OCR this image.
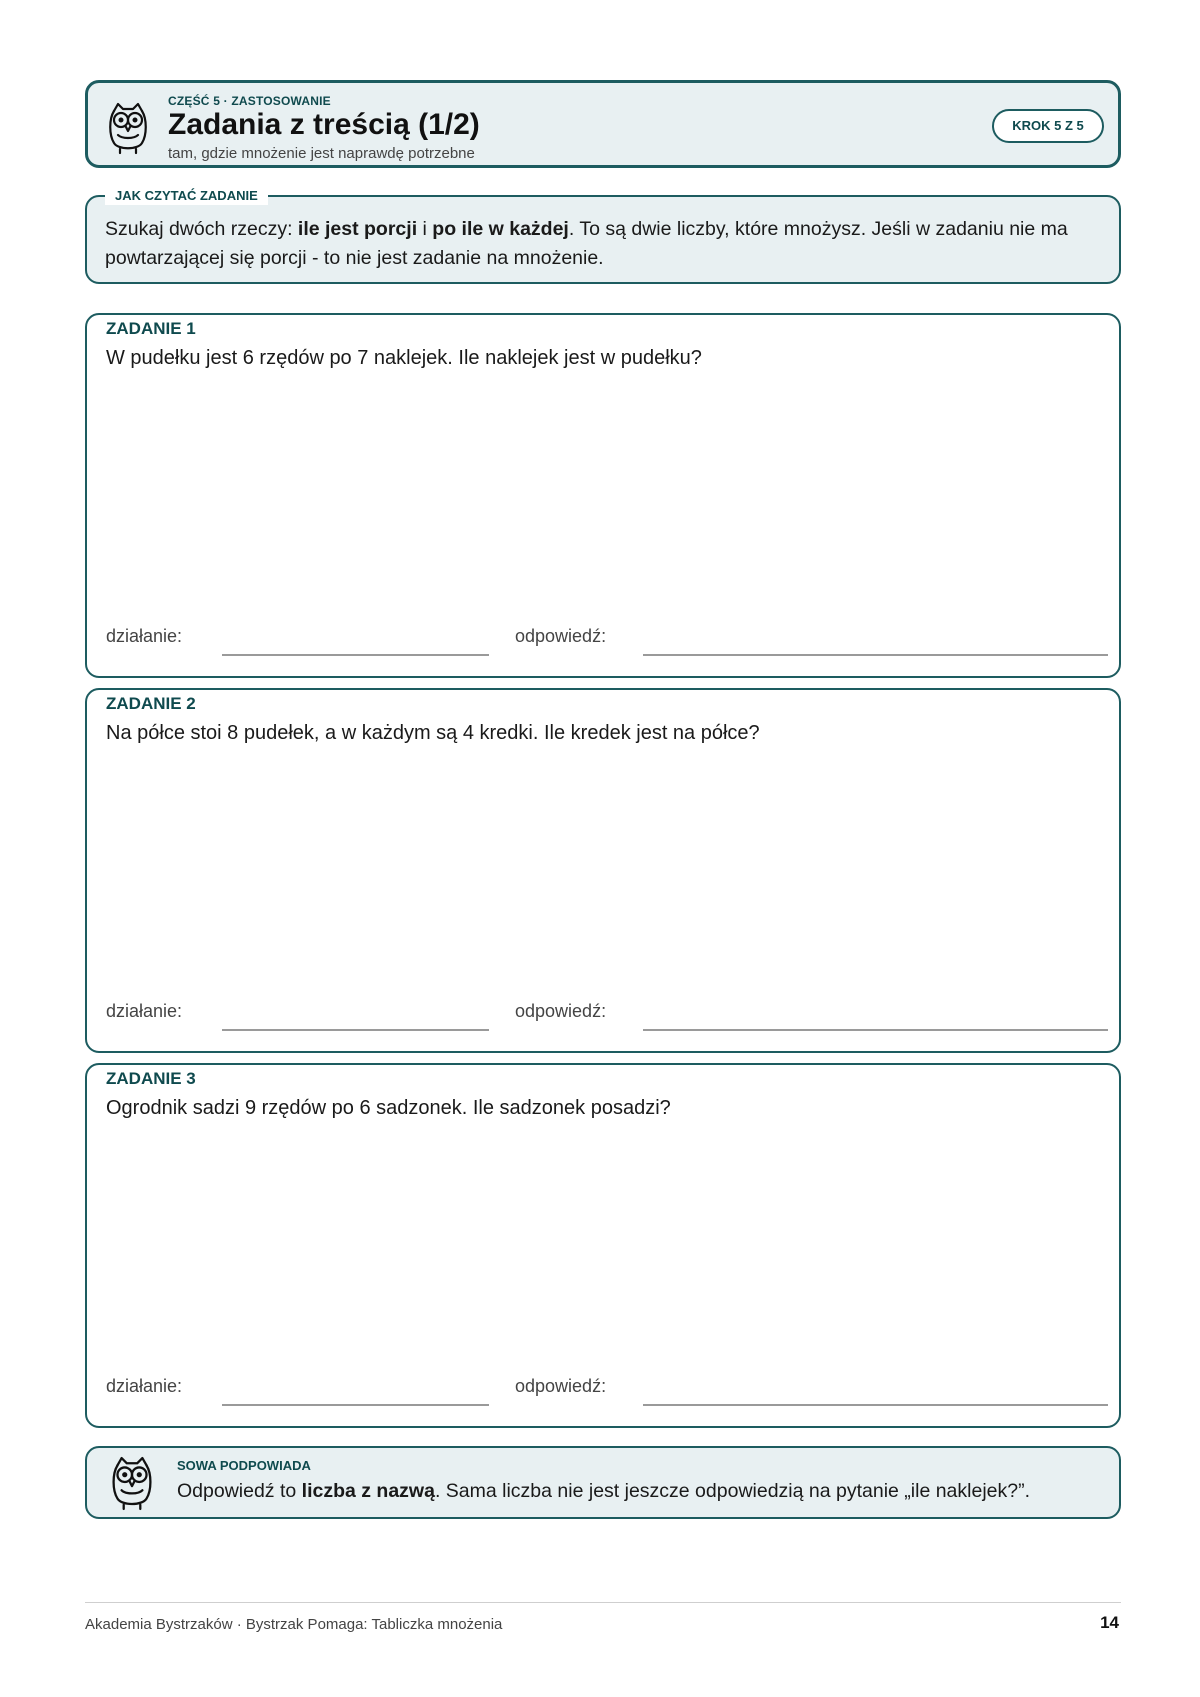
CZĘŚĆ 5 · ZASTOSOWANIE
Zadania z treścią (1/2)
tam, gdzie mnożenie jest naprawdę potrzebne
KROK 5 Z 5
JAK CZYTAĆ ZADANIE
Szukaj dwóch rzeczy: ile jest porcji i po ile w każdej. To są dwie liczby, które mnożysz. Jeśli w zadaniu nie ma powtarzającej się porcji - to nie jest zadanie na mnożenie.
ZADANIE 1
W pudełku jest 6 rzędów po 7 naklejek. Ile naklejek jest w pudełku?
działanie:	odpowiedź:
ZADANIE 2
Na półce stoi 8 pudełek, a w każdym są 4 kredki. Ile kredek jest na półce?
działanie:	odpowiedź:
ZADANIE 3
Ogrodnik sadzi 9 rzędów po 6 sadzonek. Ile sadzonek posadzi?
działanie:	odpowiedź:
SOWA PODPOWIADA
Odpowiedź to liczba z nazwą. Sama liczba nie jest jeszcze odpowiedzią na pytanie „ile naklejek?”.
Akademia Bystrzaków · Bystrzak Pomaga: Tabliczka mnożenia	14
